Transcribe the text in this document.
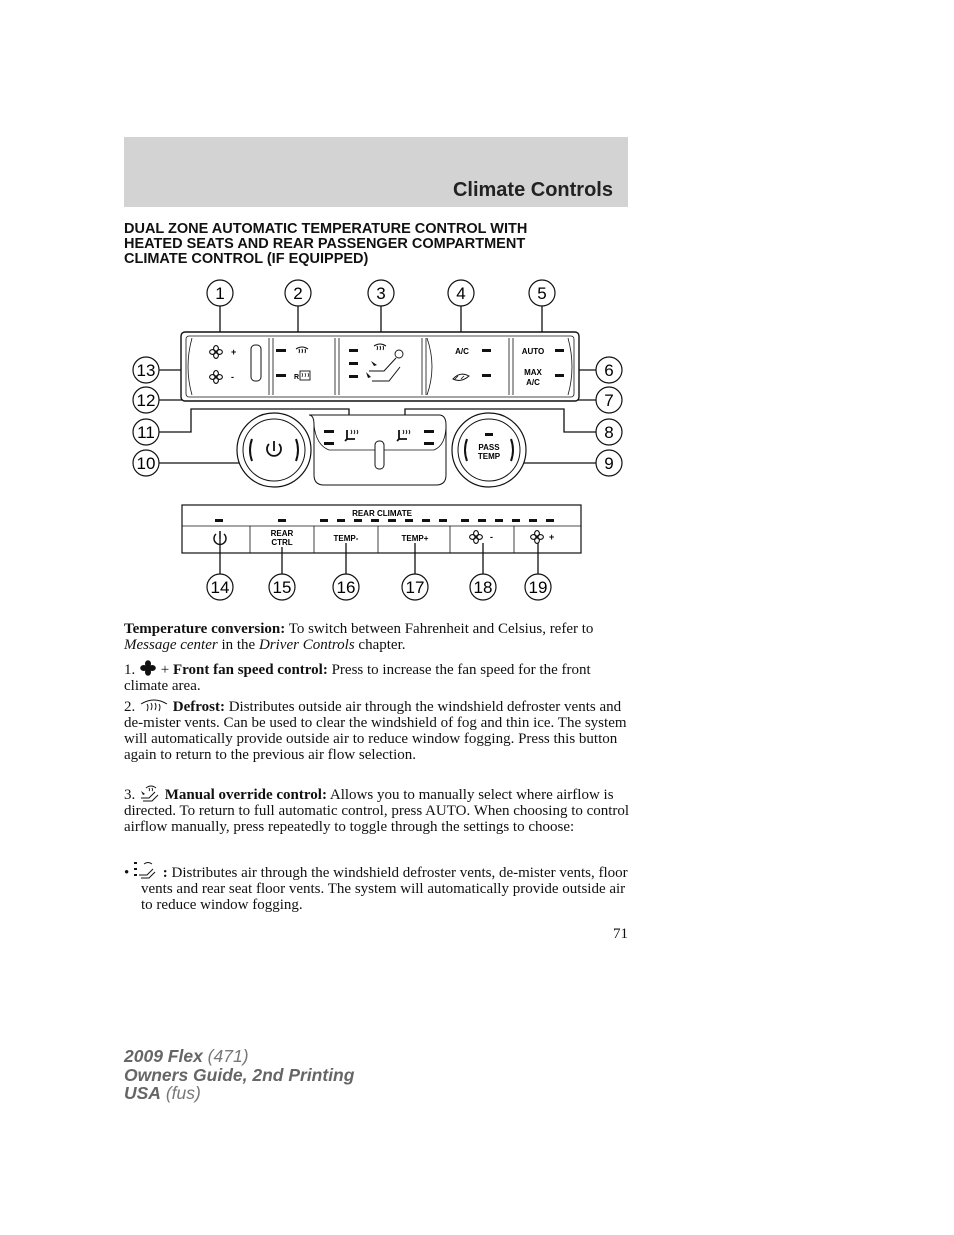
Climate Controls
DUAL ZONE AUTOMATIC TEMPERATURE CONTROL WITH
HEATED SEATS AND REAR PASSENGER COMPARTMENT
CLIMATE CONTROL (IF EQUIPPED)
1	2	3	4	5
13
12
11
10
6
7
8
9
+
-	R
A/C	AUTO
MAX
A/C
PASS
TEMP
REAR CLIMATE
REAR
CTRL	TEMP-	TEMP+	-	+
14	15	16	17	18 19

Temperature conversion: To switch between Fahrenheit and Celsius, refer to Message center in the Driver Controls chapter.

1. + Front fan speed control: Press to increase the fan speed for the front climate area.

2.	Defrost: Distributes outside air through the windshield defroster vents and de-mister vents. Can be used to clear the windshield of fog and thin ice. The system will automatically provide outside air to reduce window fogging. Press this button again to return to the previous air flow selection.

3. Manual override control: Allows you to manually select where airflow is directed. To return to full automatic control, press AUTO. When choosing to control airflow manually, press repeatedly to toggle through the settings to choose:

• : Distributes air through the windshield defroster vents, de-mister vents, floor vents and rear seat floor vents. The system will automatically provide outside air to reduce window fogging.

71
2009 Flex (471)
Owners Guide, 2nd Printing
USA (fus)
